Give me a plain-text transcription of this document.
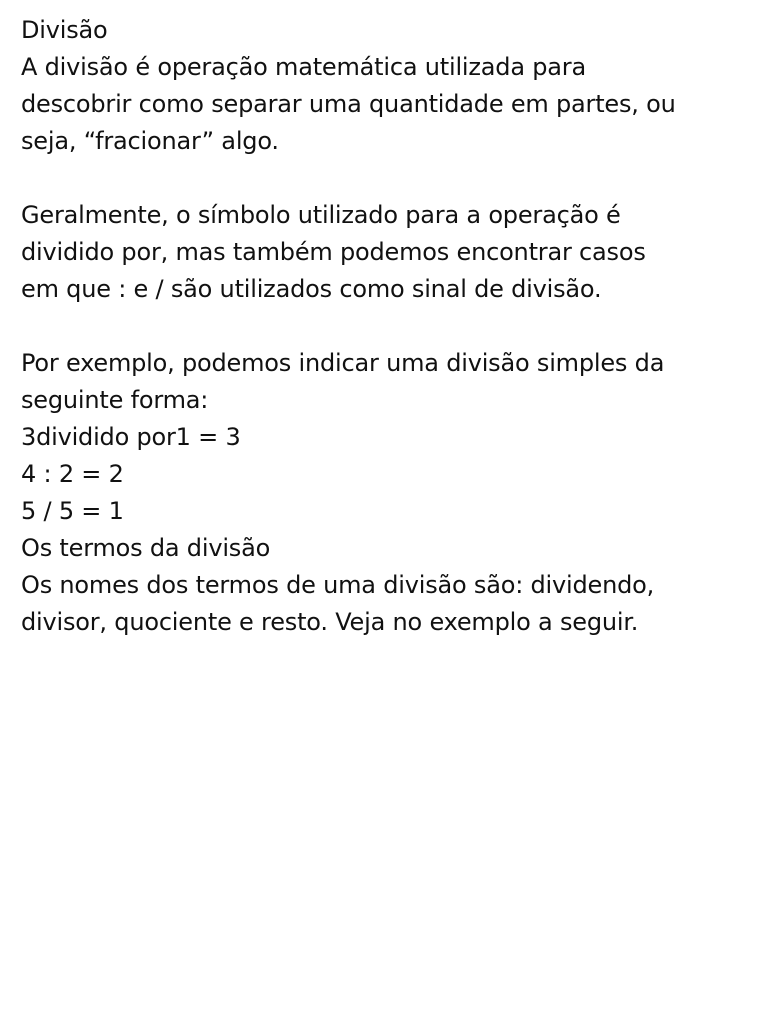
Divisão
A divisão é operação matemática utilizada para
descobrir como separar uma quantidade em partes, ou
seja, “fracionar” algo.
Geralmente, o símbolo utilizado para a operação é
dividido por, mas também podemos encontrar casos
em que : e / são utilizados como sinal de divisão.
Por exemplo, podemos indicar uma divisão simples da
seguinte forma:
3dividido por1 = 3
4 : 2 = 2
5 / 5 = 1
Os termos da divisão
Os nomes dos termos de uma divisão são: dividendo,
divisor, quociente e resto. Veja no exemplo a seguir.
